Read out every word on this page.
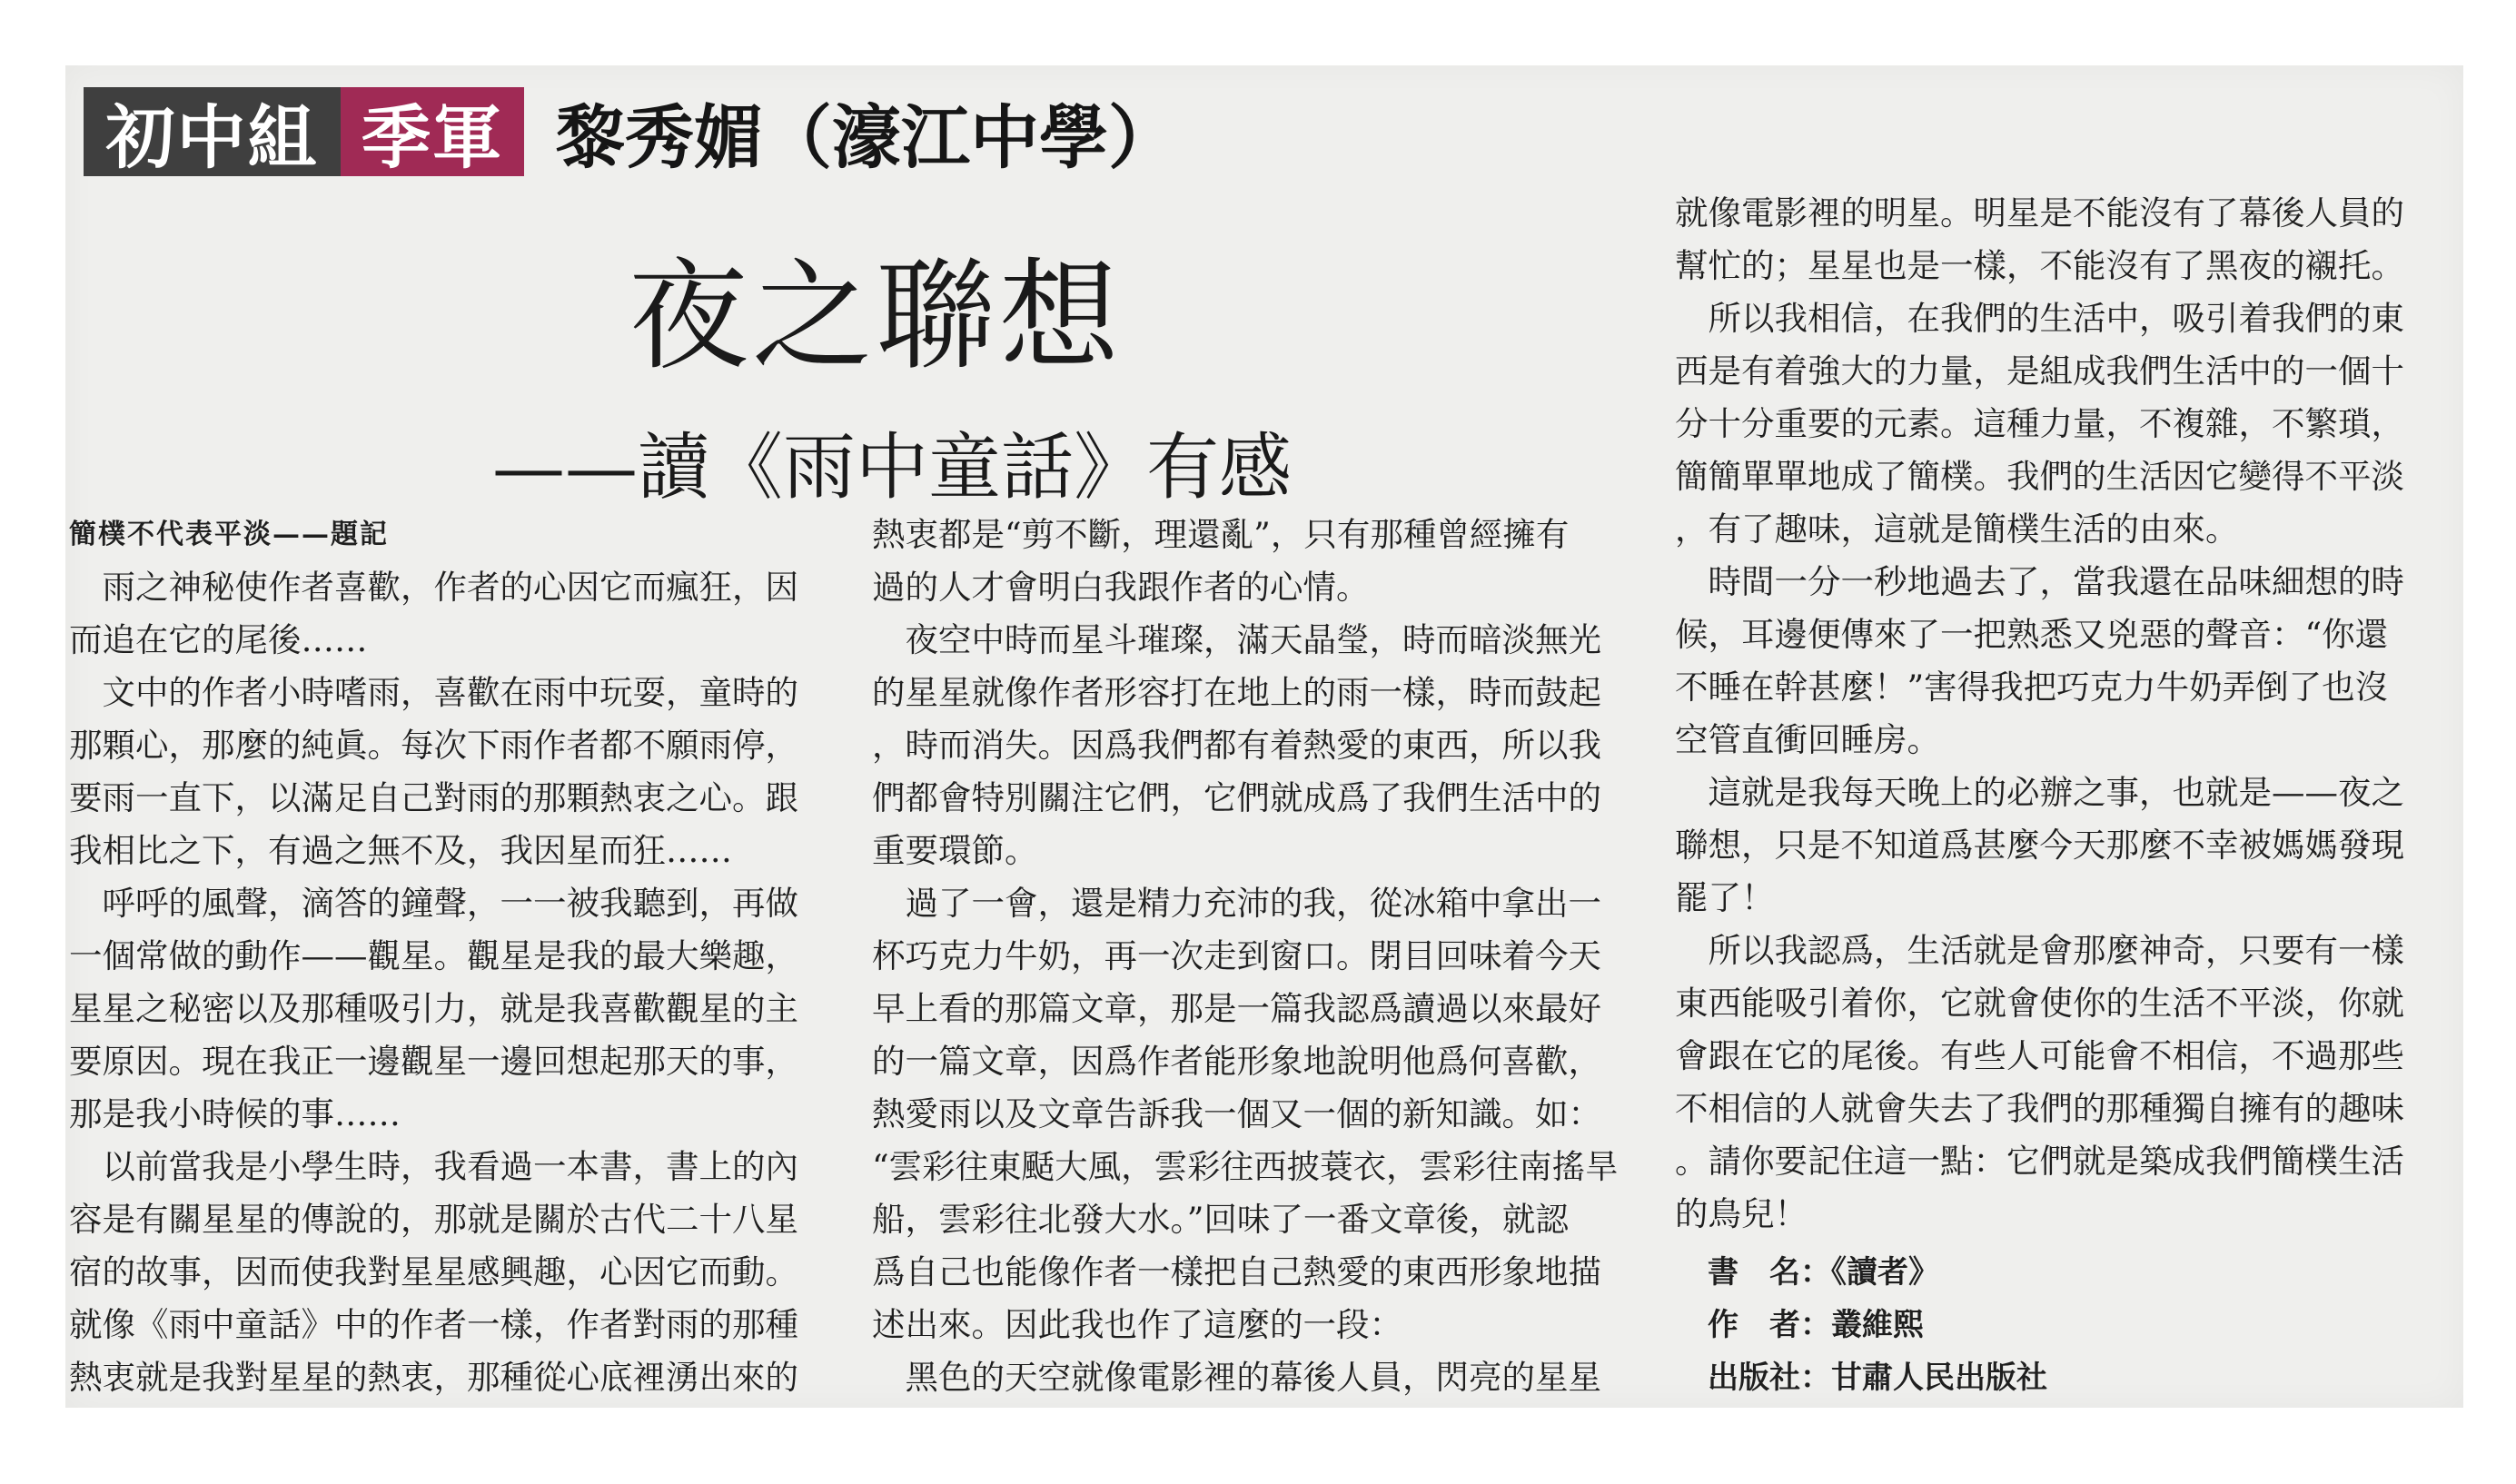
初中組 季軍 黎秀媚（濠江中學）
夜之聯想
——讀《雨中童話》有感
簡樸不代表平淡——題記
　雨之神秘使作者喜歡，作者的心因它而瘋狂，因
而追在它的尾後……
　文中的作者小時嗜雨，喜歡在雨中玩耍，童時的
那顆心，那麼的純眞。每次下雨作者都不願雨停，
要雨一直下，以滿足自己對雨的那顆熱衷之心。跟
我相比之下，有過之無不及，我因星而狂……
　呼呼的風聲，滴答的鐘聲，一一被我聽到，再做
一個常做的動作——觀星。觀星是我的最大樂趣，
星星之秘密以及那種吸引力，就是我喜歡觀星的主
要原因。現在我正一邊觀星一邊回想起那天的事，
那是我小時候的事……
　以前當我是小學生時，我看過一本書，書上的內
容是有關星星的傳說的，那就是關於古代二十八星
宿的故事，因而使我對星星感興趣，心因它而動。
就像《雨中童話》中的作者一樣，作者對雨的那種
熱衷就是我對星星的熱衷，那種從心底裡湧出來的
熱衷都是“剪不斷，理還亂”，只有那種曾經擁有
過的人才會明白我跟作者的心情。
　夜空中時而星斗璀璨，滿天晶瑩，時而暗淡無光
的星星就像作者形容打在地上的雨一樣，時而鼓起
，時而消失。因爲我們都有着熱愛的東西，所以我
們都會特別關注它們，它們就成爲了我們生活中的
重要環節。
　過了一會，還是精力充沛的我，從冰箱中拿出一
杯巧克力牛奶，再一次走到窗口。閉目回味着今天
早上看的那篇文章，那是一篇我認爲讀過以來最好
的一篇文章，因爲作者能形象地說明他爲何喜歡，
熱愛雨以及文章告訴我一個又一個的新知識。如：
“雲彩往東颳大風，雲彩往西披蓑衣，雲彩往南搖旱
船，雲彩往北發大水。”回味了一番文章後，就認
爲自己也能像作者一樣把自己熱愛的東西形象地描
述出來。因此我也作了這麼的一段：
　黑色的天空就像電影裡的幕後人員，閃亮的星星
就像電影裡的明星。明星是不能沒有了幕後人員的
幫忙的；星星也是一樣，不能沒有了黑夜的襯托。
　所以我相信，在我們的生活中，吸引着我們的東
西是有着強大的力量，是組成我們生活中的一個十
分十分重要的元素。這種力量，不複雜，不繁瑣，
簡簡單單地成了簡樸。我們的生活因它變得不平淡
，有了趣味，這就是簡樸生活的由來。
　時間一分一秒地過去了，當我還在品味細想的時
候，耳邊便傳來了一把熟悉又兇惡的聲音：“你還
不睡在幹甚麼！”害得我把巧克力牛奶弄倒了也沒
空管直衝回睡房。
　這就是我每天晚上的必辦之事，也就是——夜之
聯想，只是不知道爲甚麼今天那麼不幸被媽媽發現
罷了！
　所以我認爲，生活就是會那麼神奇，只要有一樣
東西能吸引着你，它就會使你的生活不平淡，你就
會跟在它的尾後。有些人可能會不相信，不過那些
不相信的人就會失去了我們的那種獨自擁有的趣味
。請你要記住這一點：它們就是築成我們簡樸生活
的鳥兒！
書　名：《讀者》
作　者：叢維熙
出版社：甘肅人民出版社
